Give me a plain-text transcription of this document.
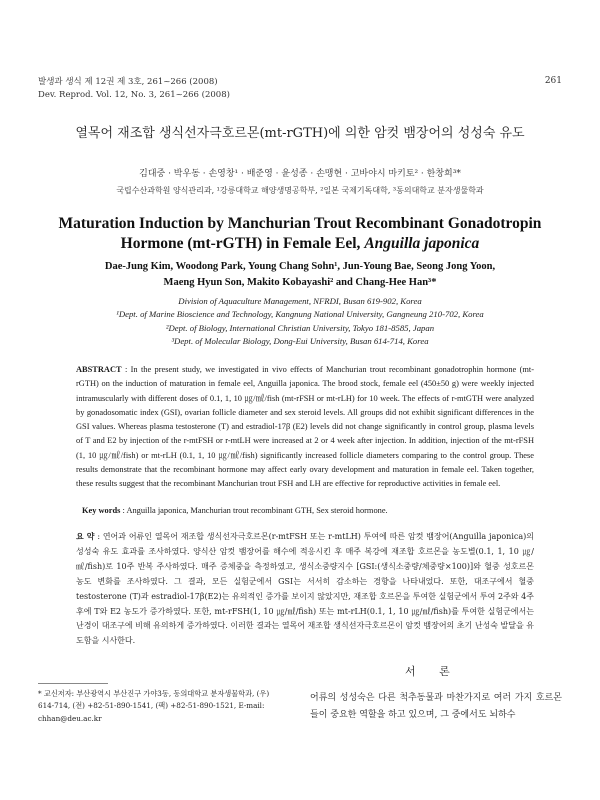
발생과 생식 제 12권 제 3호, 261~266 (2008)
Dev. Reprod. Vol. 12, No. 3, 261~266 (2008)
261
열목어 재조합 생식선자극호르몬(mt-rGTH)에 의한 암컷 뱀장어의 성성숙 유도
김대중 · 박우동 · 손영창¹ · 배준영 · 윤성종 · 손맹현 · 고바야시 마키토² · 한창희³*
국립수산과학원 양식관리과, ¹강릉대학교 해양생명공학부, ²일본 국제기독대학, ³동의대학교 분자생물학과
Maturation Induction by Manchurian Trout Recombinant Gonadotropin
Hormone (mt-rGTH) in Female Eel, Anguilla japonica
Dae-Jung Kim, Woodong Park, Young Chang Sohn¹, Jun-Young Bae, Seong Jong Yoon,
Maeng Hyun Son, Makito Kobayashi² and Chang-Hee Han³*
Division of Aquaculture Management, NFRDI, Busan 619-902, Korea
¹Dept. of Marine Bioscience and Technology, Kangnung National University, Gangneung 210-702, Korea
²Dept. of Biology, International Christian University, Tokyo 181-8585, Japan
³Dept. of Molecular Biology, Dong-Eui University, Busan 614-714, Korea
ABSTRACT : In the present study, we investigated in vivo effects of Manchurian trout recombinant gonadotrophin hormone (mt-rGTH) on the induction of maturation in female eel, Anguilla japonica. The brood stock, female eel (450±50 g) were weekly injected intramuscularly with different doses of 0.1, 1, 10 ㎍/㎖/fish (mt-rFSH or mt-rLH) for 10 week. The effects of r-mtGTH were analyzed by gonadosomatic index (GSI), ovarian follicle diameter and sex steroid levels. All groups did not exhibit significant differences in the GSI values. Whereas plasma testosterone (T) and estradiol-17β (E2) levels did not change significantly in control group, plasma levels of T and E2 by injection of the r-mtFSH or r-mtLH were increased at 2 or 4 week after injection. In addition, injection of the mt-rFSH (1, 10 ㎍/㎖/fish) or mt-rLH (0.1, 1, 10 ㎍/㎖/fish) significantly increased follicle diameters comparing to the control group. These results demonstrate that the recombinant hormone may affect early ovary development and maturation in female eel. Taken together, these results suggest that the recombinant Manchurian trout FSH and LH are effective for reproductive activities in female eel.
Key words : Anguilla japonica, Manchurian trout recombinant GTH, Sex steroid hormone.
요 약 : 연어과 어류인 열목어 재조합 생식선자극호르몬(r-mtFSH 또는 r-mtLH) 투여에 따른 암컷 뱀장어(Anguilla japonica)의 성성숙 유도 효과를 조사하였다. 양식산 암컷 뱀장어를 해수에 적응시킨 후 매주 복강에 재조합 호르몬을 농도별(0.1, 1, 10 ㎍/㎖/fish)로 10주 반복 주사하였다. 매주 증체중을 측정하였고, 생식소중량지수 [GSI:(생식소중량/체중량×100)]와 혈중 성호르몬 농도 변화를 조사하였다. 그 결과, 모든 실험군에서 GSI는 서서히 감소하는 경향을 나타내었다. 또한, 대조구에서 혈중 testosterone (T)과 estradiol-17β(E2)는 유의적인 증가를 보이지 않았지만, 재조합 호르몬을 투여한 실험군에서 투여 2주와 4주 후에 T와 E2 농도가 증가하였다. 또한, mt-rFSH(1, 10 ㎍/㎖/fish) 또는 mt-rLH(0.1, 1, 10 ㎍/㎖/fish)를 투여한 실험군에서는 난경이 대조구에 비해 유의하게 증가하였다. 이러한 결과는 열목어 재조합 생식선자극호르몬이 암컷 뱀장어의 초기 난성숙 발달을 유도함을 시사한다.
서 론
* 교신저자: 부산광역시 부산진구 가야3동, 동의대학교 분자생물학과, (우) 614-714, (전) +82-51-890-1541, (팩) +82-51-890-1521, E-mail: chhan@deu.ac.kr
어류의 성성숙은 다른 척추동물과 마찬가지로 여러 가지 호르몬들이 중요한 역할을 하고 있으며, 그 중에서도 뇌하수
